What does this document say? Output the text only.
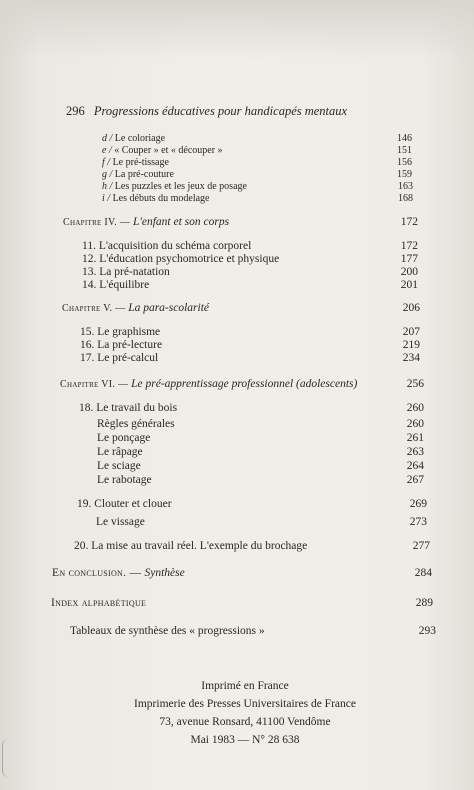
296 Progressions éducatives pour handicapés mentaux
d / Le coloriage	146
e / « Couper » et « découper »	151
f / Le pré-tissage	156
g / La pré-couture	159
h / Les puzzles et les jeux de posage	163
i / Les débuts du modelage	168
Chapitre IV. — L'enfant et son corps	172
11. L'acquisition du schéma corporel	172
12. L'éducation psychomotrice et physique	177
13. La pré-natation	200
14. L'équilibre	201
Chapitre V. — La para-scolarité	206
15. Le graphisme	207
16. La pré-lecture	219
17. Le pré-calcul	234
Chapitre VI. — Le pré-apprentissage professionnel (adolescents)	256
18. Le travail du bois	260
Règles générales	260
Le ponçage	261
Le râpage	263
Le sciage	264
Le rabotage	267
19. Clouter et clouer	269
Le vissage	273
20. La mise au travail réel. L'exemple du brochage	277
En conclusion. — Synthèse	284
Index alphabétique	289
Tableaux de synthèse des « progressions »	293
Imprimé en France
Imprimerie des Presses Universitaires de France
73, avenue Ronsard, 41100 Vendôme
Mai 1983 — N° 28 638
